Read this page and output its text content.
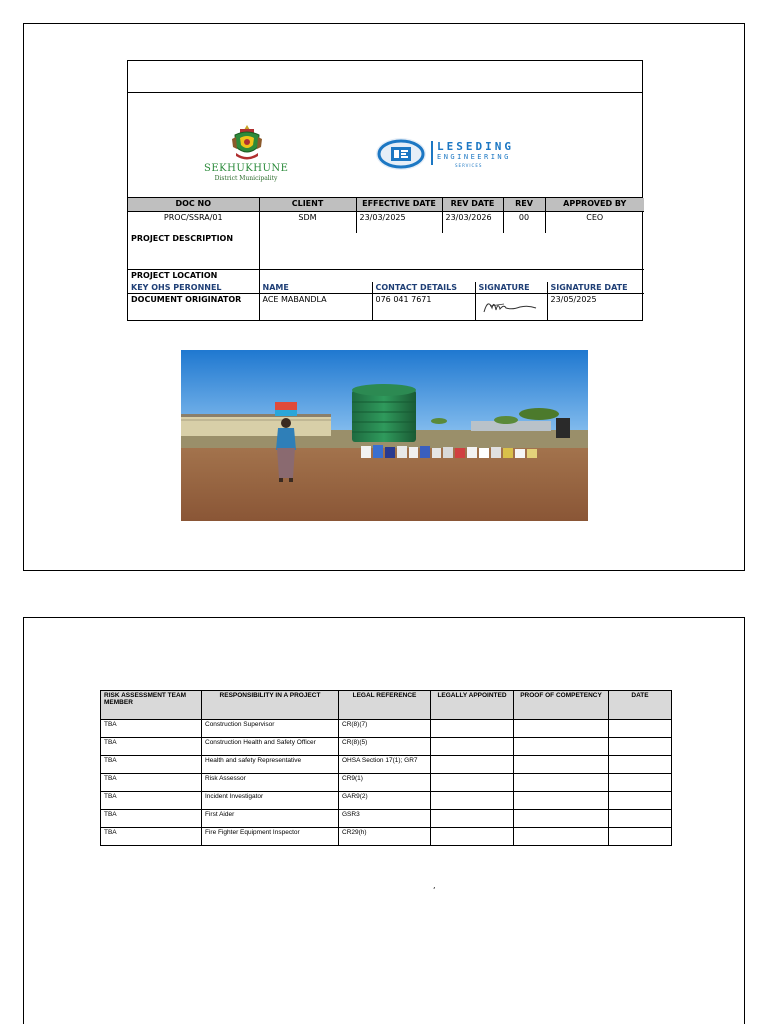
SEKHUKHUNE
District Municipality
LESEDING
ENGINEERING
SERVICES
DOC NO	CLIENT	EFFECTIVE DATE	REV DATE	REV	APPROVED BY
PROC/SSRA/01	SDM	23/03/2025	23/03/2026	00	CEO
PROJECT DESCRIPTION	
PROJECT LOCATION	
KEY OHS PERONNEL	NAME	CONTACT DETAILS	SIGNATURE	SIGNATURE DATE
DOCUMENT ORIGINATOR	ACE MABANDLA	076 041 7671		23/05/2025
RISK ASSESSMENT TEAM MEMBER	RESPONSIBILITY IN A PROJECT	LEGAL REFERENCE	LEGALLY APPOINTED	PROOF OF COMPETENCY	DATE
TBA	Construction Supervisor	CR(8)(7)			
TBA	Construction Health and Safety Officer	CR(8)(5)			
TBA	Health and safety Representative	OHSA Section 17(1); GR7			
TBA	Risk Assessor	CR9(1)			
TBA	Incident Investigator	GAR9(2)			
TBA	First Aider	GSR3			
TBA	Fire Fighter Equipment Inspector	CR29(h)			
,
